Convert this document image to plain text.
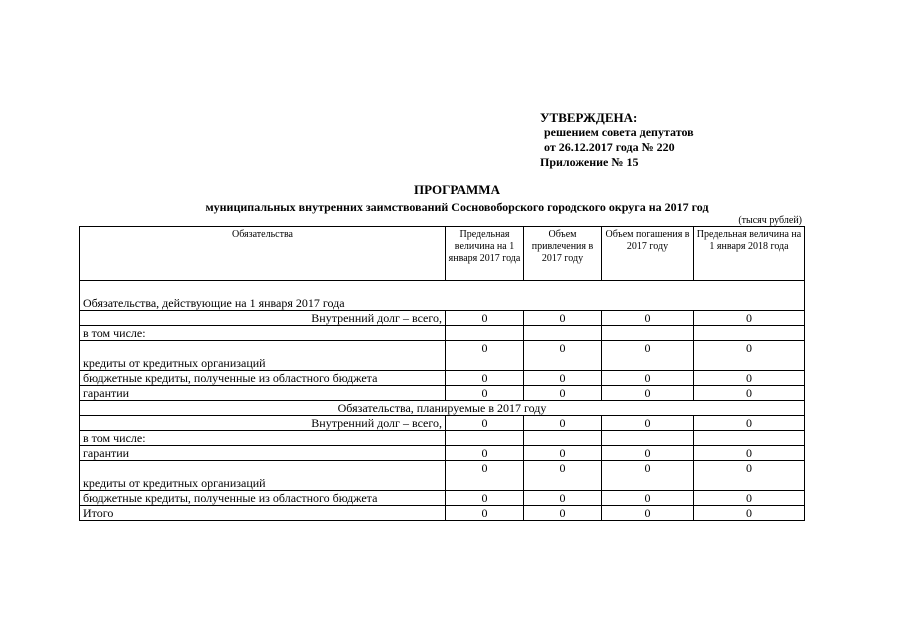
УТВЕРЖДЕНА:
решением совета депутатов
от 26.12.2017 года № 220
Приложение № 15
ПРОГРАММА
муниципальных внутренних заимствований Сосновоборского городского округа на 2017 год
(тысяч рублей)
Обязательства	Предельная величина на 1 января 2017 года	Объем привлечения в 2017 году	Объем погашения в 2017 году	Предельная величина на 1 января 2018 года
Обязательства, действующие на 1 января 2017 года				
Внутренний долг – всего,	0	0	0	0
в том числе:				
кредиты от кредитных организаций	0	0	0	0
бюджетные кредиты, полученные из областного бюджета	0	0	0	0
гарантии	0	0	0	0
Обязательства, планируемые в 2017 году				
Внутренний долг – всего,	0	0	0	0
в том числе:				
гарантии	0	0	0	0
кредиты от кредитных организаций	0	0	0	0
бюджетные кредиты, полученные из областного бюджета	0	0	0	0
Итого	0	0	0	0
